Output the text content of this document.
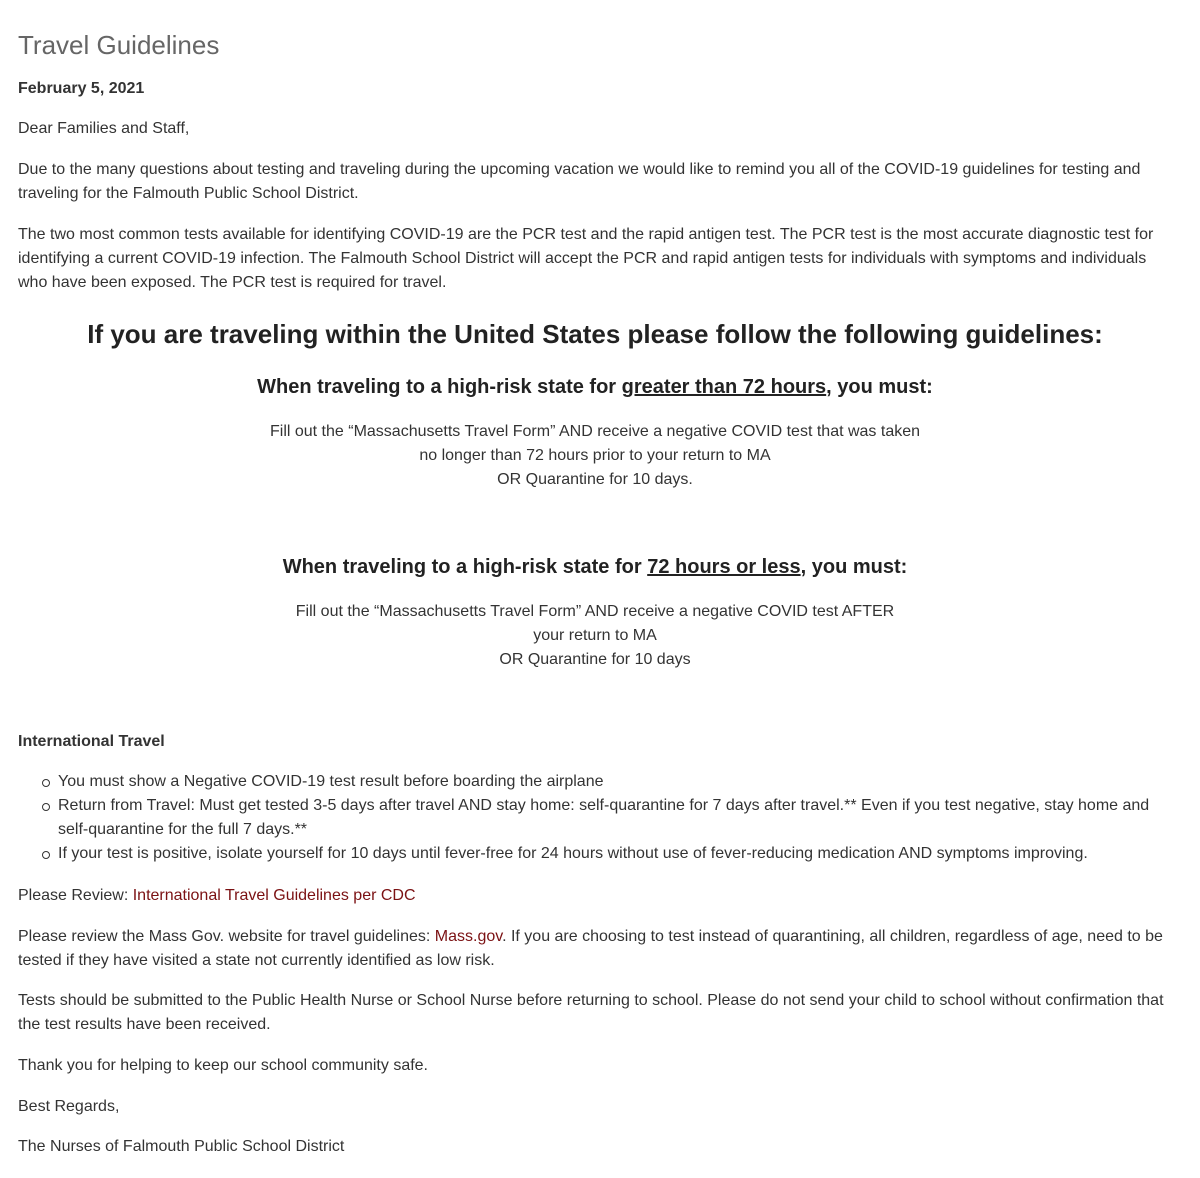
Travel Guidelines

February 5, 2021

Dear Families and Staff,

Due to the many questions about testing and traveling during the upcoming vacation we would like to remind you all of the COVID-19 guidelines for testing and traveling for the Falmouth Public School District.

The two most common tests available for identifying COVID-19 are the PCR test and the rapid antigen test. The PCR test is the most accurate diagnostic test for identifying a current COVID-19 infection. The Falmouth School District will accept the PCR and rapid antigen tests for individuals with symptoms and individuals who have been exposed. The PCR test is required for travel.

If you are traveling within the United States please follow the following guidelines:
When traveling to a high-risk state for greater than 72 hours, you must:
Fill out the “Massachusetts Travel Form” AND receive a negative COVID test that was taken
no longer than 72 hours prior to your return to MA
OR Quarantine for 10 days.
When traveling to a high-risk state for 72 hours or less, you must:
Fill out the “Massachusetts Travel Form” AND receive a negative COVID test AFTER
your return to MA
OR Quarantine for 10 days

International Travel

You must show a Negative COVID-19 test result before boarding the airplane
Return from Travel: Must get tested 3-5 days after travel AND stay home: self-quarantine for 7 days after travel.** Even if you test negative, stay home and self-quarantine for the full 7 days.**
If your test is positive, isolate yourself for 10 days until fever-free for 24 hours without use of fever-reducing medication AND symptoms improving.

Please Review: International Travel Guidelines per CDC

Please review the Mass Gov. website for travel guidelines: Mass.gov. If you are choosing to test instead of quarantining, all children, regardless of age, need to be tested if they have visited a state not currently identified as low risk.

Tests should be submitted to the Public Health Nurse or School Nurse before returning to school. Please do not send your child to school without confirmation that the test results have been received.

Thank you for helping to keep our school community safe.

Best Regards,

The Nurses of Falmouth Public School District
